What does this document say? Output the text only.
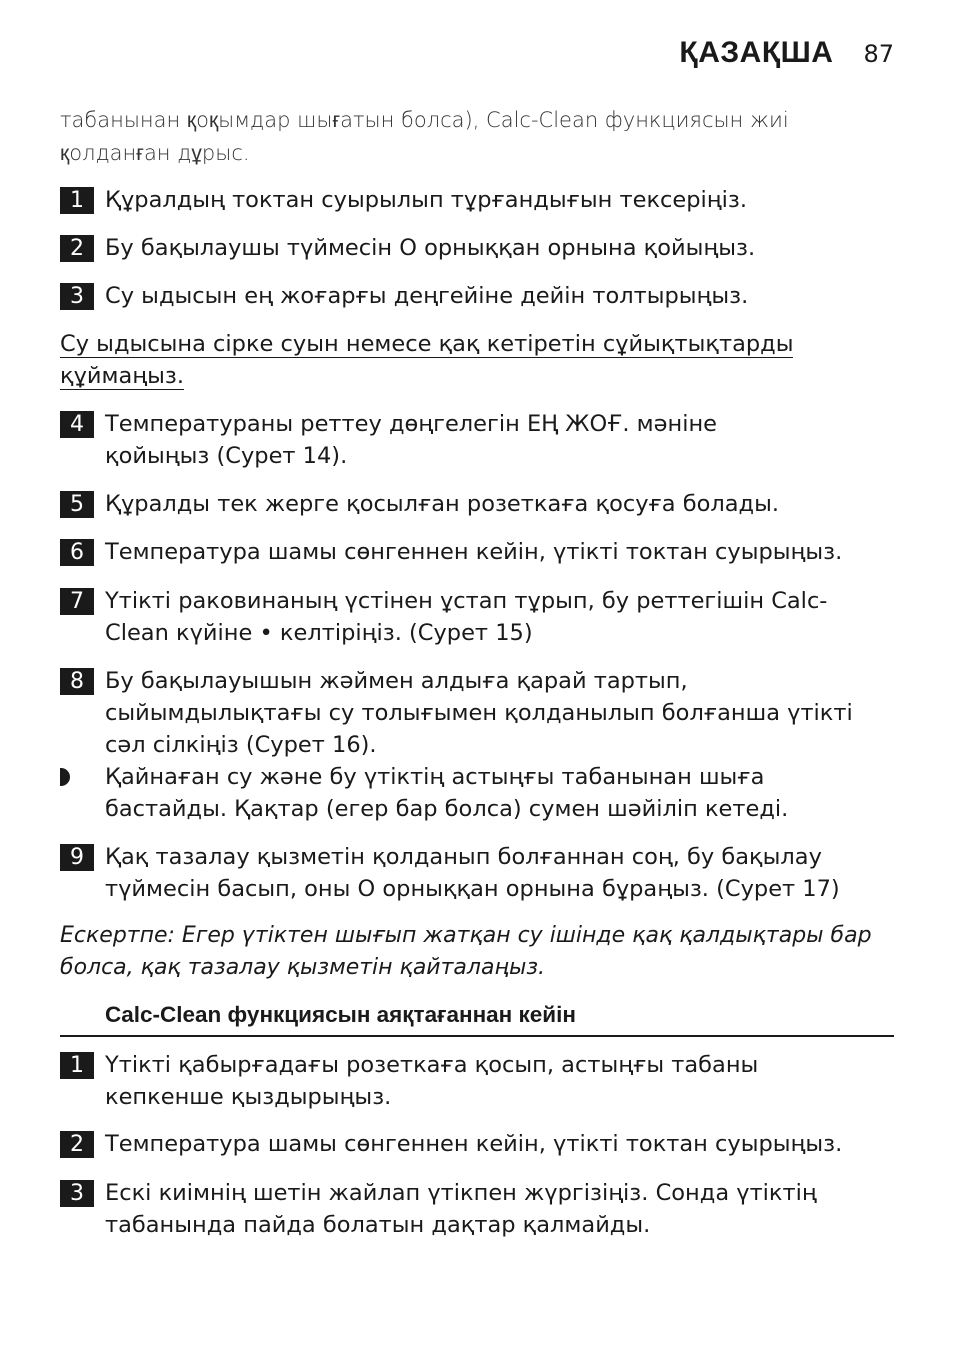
ҚАЗАҚША 87
табанынан қоқымдар шығатын болса), Calc-Clean функциясын жиі қолданған дұрыс.
1 Құралдың токтан суырылып тұрғандығын тексеріңіз.
2 Бу бақылаушы түймесін O орныққан орнына қойыңыз.
3 Су ыдысын ең жоғарғы деңгейіне дейін толтырыңыз.
Су ыдысына сірке суын немесе қақ кетіретін сұйықтықтарды
құймаңыз.
4 Температураны реттеу дөңгелегін ЕҢ ЖОҒ. мәніне қойыңыз (Сурет 14).
5 Құралды тек жерге қосылған розеткаға қосуға болады.
6 Температура шамы сөнгеннен кейін, үтікті токтан суырыңыз.
7 Үтікті раковинаның үстінен ұстап тұрып, бу реттегішін Calc-Clean күйіне • келтіріңіз. (Сурет 15)
8 Бу бақылауышын жәймен алдыға қарай тартып, сыйымдылықтағы су толығымен қолданылып болғанша үтікті сәл сілкіңіз (Сурет 16).
Қайнаған су және бу үтіктің астыңғы табанынан шыға бастайды. Қақтар (егер бар болса) сумен шәйіліп кетеді.
9 Қақ тазалау қызметін қолданып болғаннан соң, бу бақылау түймесін басып, оны O орныққан орнына бұраңыз. (Сурет 17)
Ескертпе: Егер үтіктен шығып жатқан су ішінде қақ қалдықтары бар болса, қақ тазалау қызметін қайталаңыз.
Calc-Clean функциясын аяқтағаннан кейін
1 Үтікті қабырғадағы розеткаға қосып, астыңғы табаны кепкенше қыздырыңыз.
2 Температура шамы сөнгеннен кейін, үтікті токтан суырыңыз.
3 Ескі киімнің шетін жайлап үтікпен жүргізіңіз. Сонда үтіктің табанында пайда болатын дақтар қалмайды.
